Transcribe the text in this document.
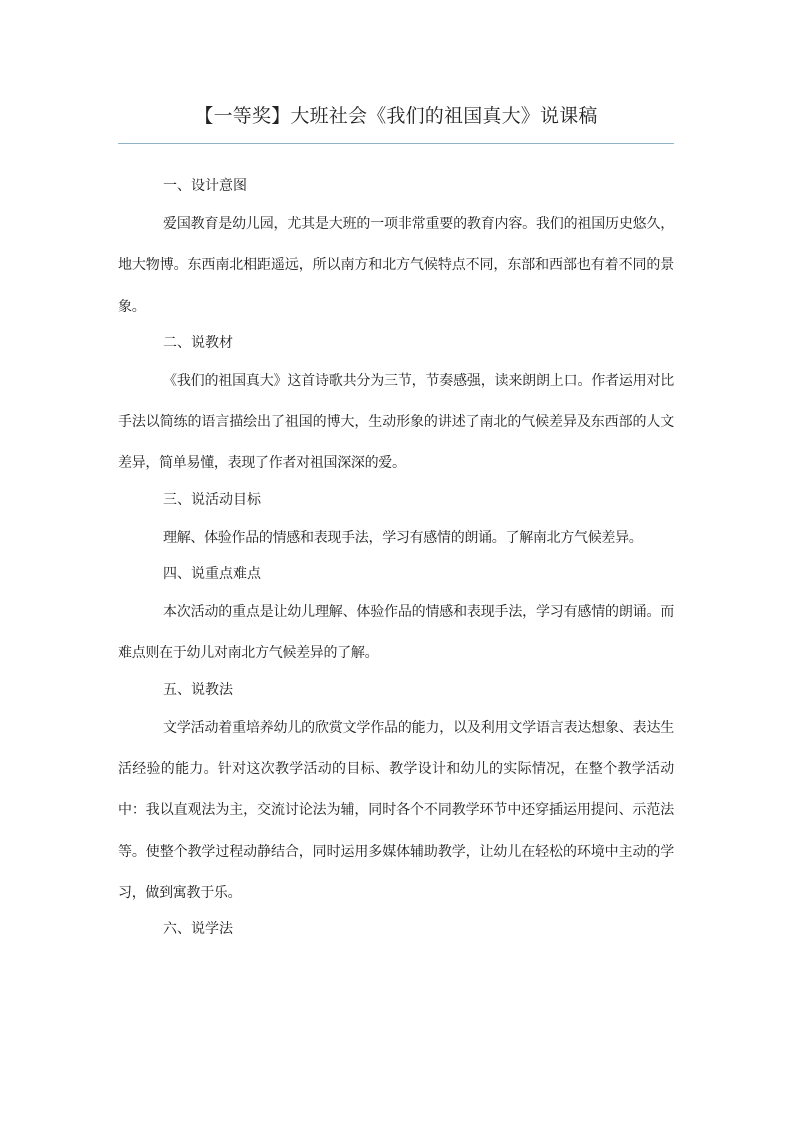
【一等奖】大班社会《我们的祖国真大》说课稿

一、设计意图

爱国教育是幼儿园，尤其是大班的一项非常重要的教育内容。我们的祖国历史悠久，地大物博。东西南北相距遥远，所以南方和北方气候特点不同，东部和西部也有着不同的景象。

二、说教材

《我们的祖国真大》这首诗歌共分为三节，节奏感强，读来朗朗上口。作者运用对比手法以简练的语言描绘出了祖国的博大，生动形象的讲述了南北的气候差异及东西部的人文差异，简单易懂，表现了作者对祖国深深的爱。

三、说活动目标

理解、体验作品的情感和表现手法，学习有感情的朗诵。了解南北方气候差异。

四、说重点难点

本次活动的重点是让幼儿理解、体验作品的情感和表现手法，学习有感情的朗诵。而难点则在于幼儿对南北方气候差异的了解。

五、说教法

文学活动着重培养幼儿的欣赏文学作品的能力，以及利用文学语言表达想象、表达生活经验的能力。针对这次教学活动的目标、教学设计和幼儿的实际情况，在整个教学活动中：我以直观法为主，交流讨论法为辅，同时各个不同教学环节中还穿插运用提问、示范法等。使整个教学过程动静结合，同时运用多媒体辅助教学，让幼儿在轻松的环境中主动的学习，做到寓教于乐。

六、说学法
